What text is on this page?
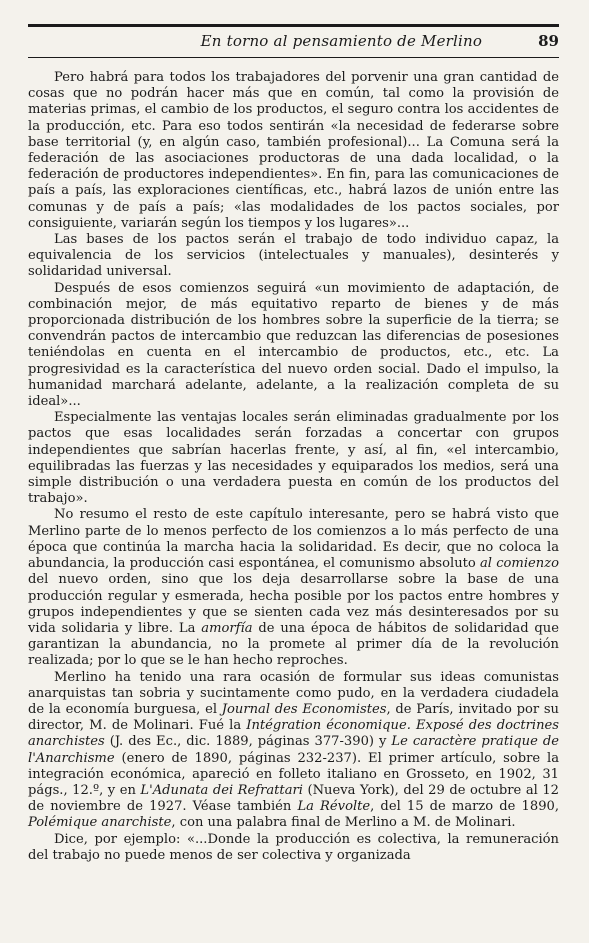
En torno al pensamiento de Merlino	89

Pero habrá para todos los trabajadores del porvenir una gran cantidad de cosas que no podrán hacer más que en común, tal como la provisión de materias primas, el cambio de los productos, el seguro contra los accidentes de la producción, etc. Para eso todos sentirán «la necesidad de federarse sobre base territorial (y, en algún caso, también profesional)... La Comuna será la federación de las asociaciones productoras de una dada localidad, o la federación de productores independientes». En fin, para las comunicaciones de país a país, las exploraciones científicas, etc., habrá lazos de unión entre las comunas y de país a país; «las modalidades de los pactos sociales, por consiguiente, variarán según los tiempos y los lugares»...

Las bases de los pactos serán el trabajo de todo individuo capaz, la equivalencia de los servicios (intelectuales y manuales), desinterés y solidaridad universal.

Después de esos comienzos seguirá «un movimiento de adaptación, de combinación mejor, de más equitativo reparto de bienes y de más proporcionada distribución de los hombres sobre la superficie de la tierra; se convendrán pactos de intercambio que reduzcan las diferencias de posesiones teniéndolas en cuenta en el intercambio de productos, etc., etc. La progresividad es la característica del nuevo orden social. Dado el impulso, la humanidad marchará adelante, adelante, a la realización completa de su ideal»...

Especialmente las ventajas locales serán eliminadas gradualmente por los pactos que esas localidades serán forzadas a concertar con grupos independientes que sabrían hacerlas frente, y así, al fin, «el intercambio, equilibradas las fuerzas y las necesidades y equiparados los medios, será una simple distribución o una verdadera puesta en común de los productos del trabajo».

No resumo el resto de este capítulo interesante, pero se habrá visto que Merlino parte de lo menos perfecto de los comienzos a lo más perfecto de una época que continúa la marcha hacia la solidaridad. Es decir, que no coloca la abundancia, la producción casi espontánea, el comunismo absoluto al comienzo del nuevo orden, sino que los deja desarrollarse sobre la base de una producción regular y esmerada, hecha posible por los pactos entre hombres y grupos independientes y que se sienten cada vez más desinteresados por su vida solidaria y libre. La amorfía de una época de hábitos de solidaridad que garantizan la abundancia, no la promete al primer día de la revolución realizada; por lo que se le han hecho reproches.

Merlino ha tenido una rara ocasión de formular sus ideas comunistas anarquistas tan sobria y sucintamente como pudo, en la verdadera ciudadela de la economía burguesa, el Journal des Economistes, de París, invitado por su director, M. de Molinari. Fué la Intégration économique. Exposé des doctrines anarchistes (J. des Ec., dic. 1889, páginas 377-390) y Le caractère pratique de l'Anarchisme (enero de 1890, páginas 232-237). El primer artículo, sobre la integración económica, apareció en folleto italiano en Grosseto, en 1902, 31 págs., 12.º, y en L'Adunata dei Refrattari (Nueva York), del 29 de octubre al 12 de noviembre de 1927. Véase también La Révolte, del 15 de marzo de 1890, Polémique anarchiste, con una palabra final de Merlino a M. de Molinari.

Dice, por ejemplo: «...Donde la producción es colectiva, la remuneración del trabajo no puede menos de ser colectiva y organizada
